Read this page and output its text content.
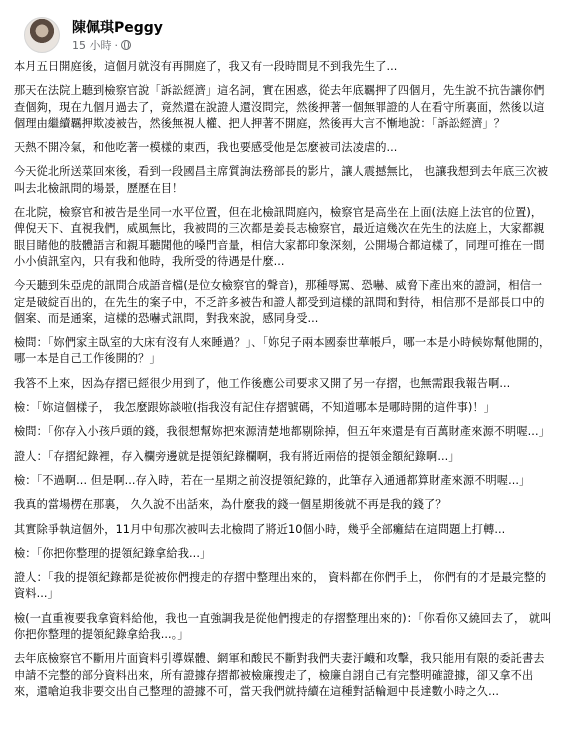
陳佩琪Peggy
15 小時 ·

本月五日開庭後，這個月就沒有再開庭了，我又有一段時間見不到我先生了...

那天在法院上聽到檢察官說「訴訟經濟」這名詞，實在困惑，從去年底羈押了四個月，先生說不抗告讓你們查個夠，現在九個月過去了，竟然還在說證人還沒問完，然後押著一個無罪證的人在看守所裏面，然後以這個理由繼續羈押欺凌被告，然後無視人權、把人押著不開庭，然後再大言不慚地說：「訴訟經濟」？

天熱不開冷氣，和他吃著一模樣的東西，我也要感受他是怎麼被司法凌虐的...

今天從北所送菜回來後，看到一段國昌主席質詢法務部長的影片，讓人震撼無比， 也讓我想到去年底三次被叫去北檢訊問的場景，歷歷在目！

在北院，檢察官和被告是坐同一水平位置，但在北檢訊問庭內，檢察官是高坐在上面(法庭上法官的位置)，俾倪天下、直視我們，威風無比，我被問的三次都是姜長志檢察官，最近這幾次在先生的法庭上，大家都親眼目睹他的肢體語言和親耳聽聞他的嗓門音量，相信大家都印象深刻，公開場合都這樣了，同理可推在一間小小偵訊室內，只有我和他時，我所受的待遇是什麼...

今天聽到朱亞虎的訊問合成語音檔(是位女檢察官的聲音)，那種辱罵、恐嚇、威脅下產出來的證詞，相信一定是破綻百出的，在先生的案子中，不乏許多被告和證人都受到這樣的訊問和對待，相信那不是部長口中的個案、而是通案，這樣的恐嚇式訊問，對我來說，感同身受...

檢問：「妳們家主臥室的大床有沒有人來睡過？」、「妳兒子兩本國泰世華帳戶，哪一本是小時候妳幫他開的， 哪一本是自己工作後開的？」

我答不上來，因為存摺已經很少用到了，他工作後應公司要求又開了另一存摺，也無需跟我報告啊...

檢：「妳這個樣子， 我怎麼跟妳談啦(指我沒有記住存摺號碼，不知道哪本是哪時開的這件事)！」

檢問：「你存入小孩戶頭的錢，我很想幫妳把來源清楚地都剔除掉，但五年來還是有百萬財產來源不明喔...」

證人：「存摺紀錄裡，存入欄旁邊就是提領紀錄欄啊，我有將近兩倍的提領金額紀錄啊...」

檢：「不過啊... 但是啊...存入時，若在一星期之前沒提領紀錄的，此筆存入通通都算財產來源不明喔...」

我真的當場楞在那裏， 久久說不出話來，為什麼我的錢一個星期後就不再是我的錢了？

其實除爭執這個外，11月中旬那次被叫去北檢問了將近10個小時，幾乎全部癱結在這問題上打轉...

檢：「你把你整理的提領紀錄拿給我...」

證人：「我的提領紀錄都是從被你們搜走的存摺中整理出來的， 資料都在你們手上， 你們有的才是最完整的資料...」

檢(一直重複要我拿資料給他，我也一直強調我是從他們搜走的存摺整理出來的)：「你看你又繞回去了， 就叫你把你整理的提領紀錄拿給我...。」

去年底檢察官不斷用片面資料引導媒體、網軍和酸民不斷對我們夫妻汙衊和攻擊，我只能用有限的委託書去申請不完整的部分資料出來，所有證據存摺都被檢廉搜走了，檢廉自詡自己有完整明確證據，卻又拿不出來，還嗆迫我非要交出自己整理的證據不可，當天我們就持續在這種對話輪迴中長達數小時之久...
